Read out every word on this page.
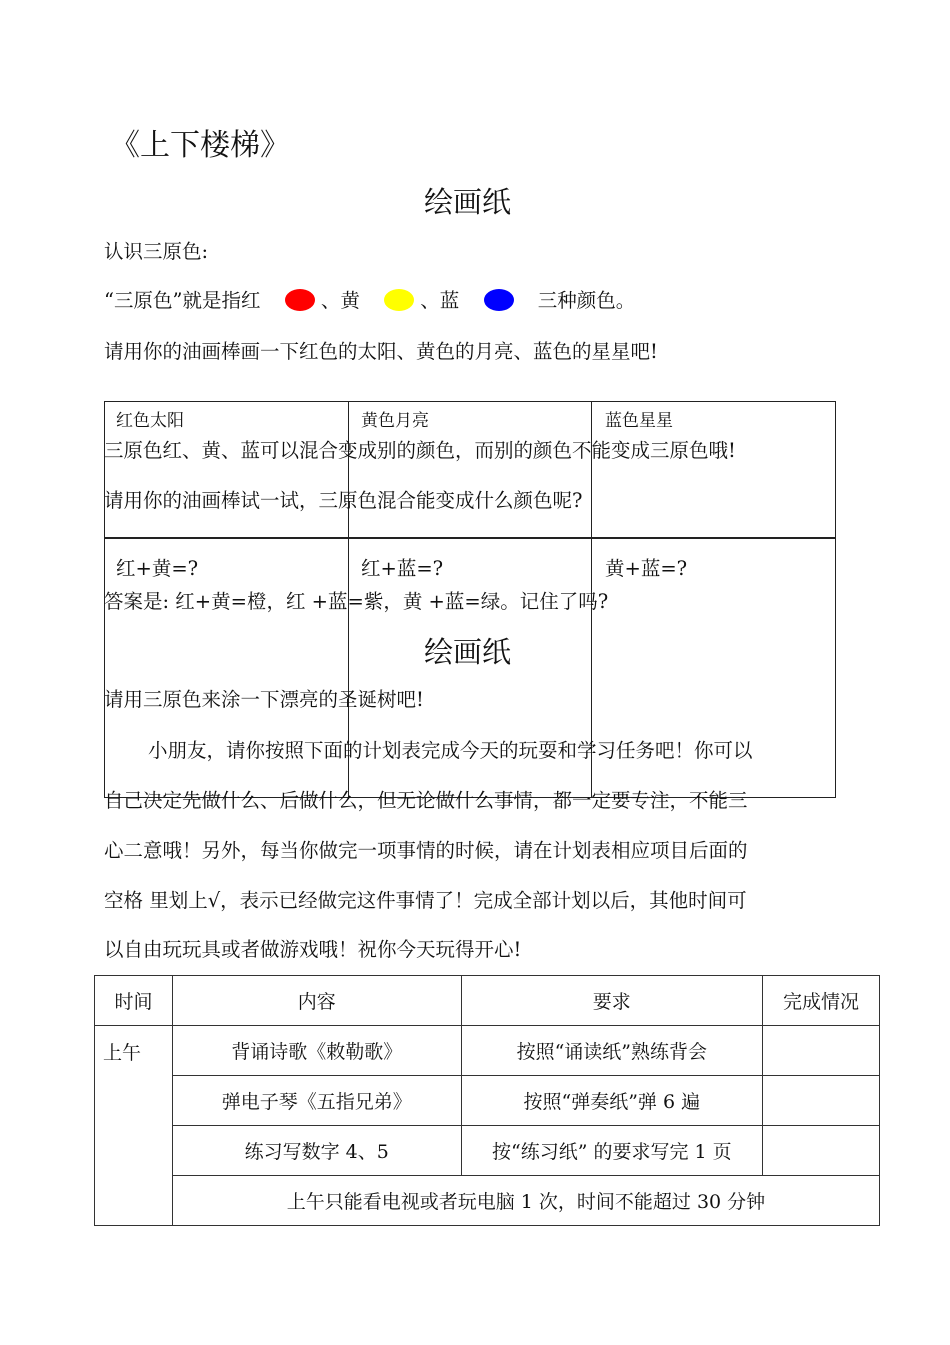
《上下楼梯》
绘画纸
认识三原色:
“三原色”就是指红	、黄	、蓝	三种颜色。
请用你的油画棒画一下红色的太阳、黄色的月亮、蓝色的星星吧!
红色太阳	黄色月亮	蓝色星星
三原色红、黄、蓝可以混合变成别的颜色，而别的颜色不能变成三原色哦!
请用你的油画棒试一试，三原色混合能变成什么颜色呢?
红+黄=?	红+蓝=?	黄+蓝=?
答案是: 红+黄=橙，红 +蓝=紫，黄 +蓝=绿。记住了吗?
绘画纸
请用三原色来涂一下漂亮的圣诞树吧!
小朋友，请你按照下面的计划表完成今天的玩耍和学习任务吧！你可以
自己决定先做什么、后做什么，但无论做什么事情，都一定要专注，不能三
心二意哦！另外，每当你做完一项事情的时候，请在计划表相应项目后面的
空格 里划上√，表示已经做完这件事情了！完成全部计划以后，其他时间可
以自由玩玩具或者做游戏哦！祝你今天玩得开心!
时间	内容	要求	完成情况
上午	背诵诗歌《敕勒歌》	按照“诵读纸”熟练背会	
	弹电子琴《五指兄弟》	按照“弹奏纸”弹 6 遍	
	练习写数字 4、5	按“练习纸” 的要求写完 1 页	
	上午只能看电视或者玩电脑 1 次，时间不能超过 30 分钟		
